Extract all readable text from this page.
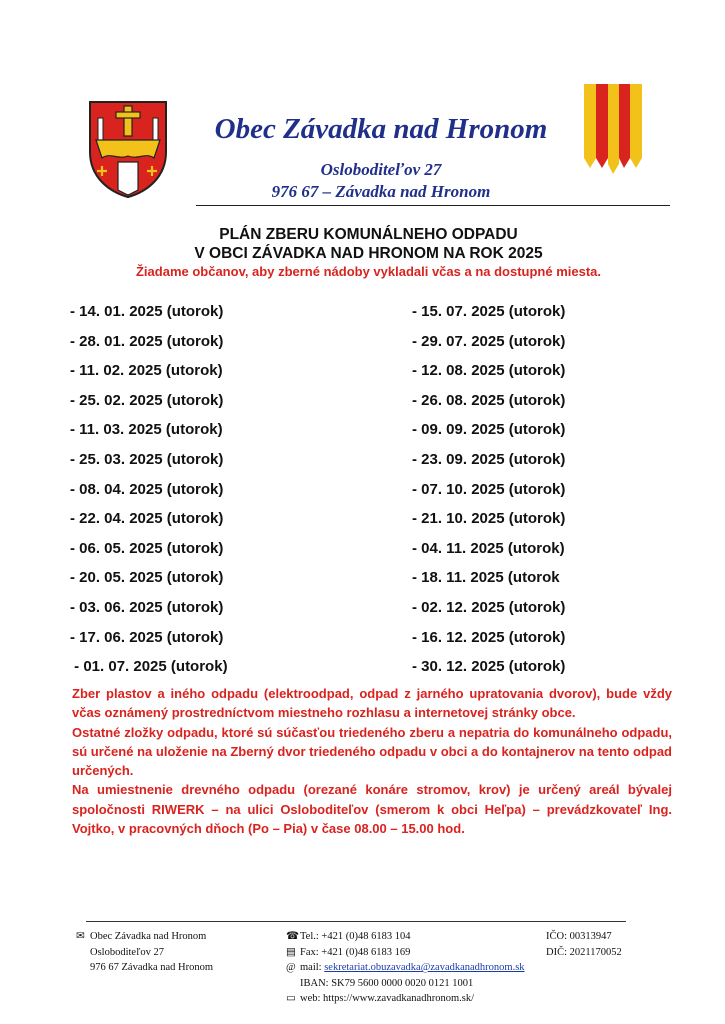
Obec Závadka nad Hronom
Osloboditeľov 27
976 67 – Závadka nad Hronom
PLÁN ZBERU KOMUNÁLNEHO ODPADU
V OBCI ZÁVADKA NAD HRONOM NA ROK 2025
Žiadame občanov, aby zberné nádoby vykladali včas a na dostupné miesta.
- 14. 01. 2025 (utorok)
- 28. 01. 2025 (utorok)
- 11. 02. 2025 (utorok)
- 25. 02. 2025 (utorok)
- 11. 03. 2025 (utorok)
- 25. 03. 2025 (utorok)
- 08. 04. 2025 (utorok)
- 22. 04. 2025 (utorok)
- 06. 05. 2025 (utorok)
- 20. 05. 2025 (utorok)
- 03. 06. 2025 (utorok)
- 17. 06. 2025 (utorok)
- 01. 07. 2025 (utorok)
- 15. 07. 2025 (utorok)
- 29. 07. 2025 (utorok)
- 12. 08. 2025 (utorok)
- 26. 08. 2025 (utorok)
- 09. 09. 2025 (utorok)
- 23. 09. 2025 (utorok)
- 07. 10. 2025 (utorok)
- 21. 10. 2025 (utorok)
- 04. 11. 2025 (utorok)
- 18. 11. 2025 (utorok
- 02. 12. 2025 (utorok)
- 16. 12. 2025 (utorok)
- 30. 12. 2025 (utorok)

Zber plastov a iného odpadu (elektroodpad, odpad z jarného upratovania dvorov), bude vždy včas oznámený prostredníctvom miestneho rozhlasu a internetovej stránky obce.

Ostatné zložky odpadu, ktoré sú súčasťou triedeného zberu a nepatria do komunálneho odpadu, sú určené na uloženie na Zberný dvor triedeného odpadu v obci a do kontajnerov na tento odpad určených.

Na umiestnenie drevného odpadu (orezané konáre stromov, krov) je určený areál bývalej spoločnosti RIWERK – na ulici Osloboditeľov (smerom k obci Heľpa) – prevádzkovateľ Ing. Vojtko, v pracovných dňoch (Po – Pia) v čase 08.00 – 15.00 hod.

✉ Obec Závadka nad Hronom
Osloboditeľov 27
976 67 Závadka nad Hronom
☎Tel.: +421 (0)48 6183 104
▤ Fax: +421 (0)48 6183 169
@ mail: sekretariat.obuzavadka@zavadkanadhronom.sk
IBAN: SK79 5600 0000 0020 0121 1001
▭ web: https://www.zavadkanadhronom.sk/
IČO: 00313947
DIČ: 2021170052
